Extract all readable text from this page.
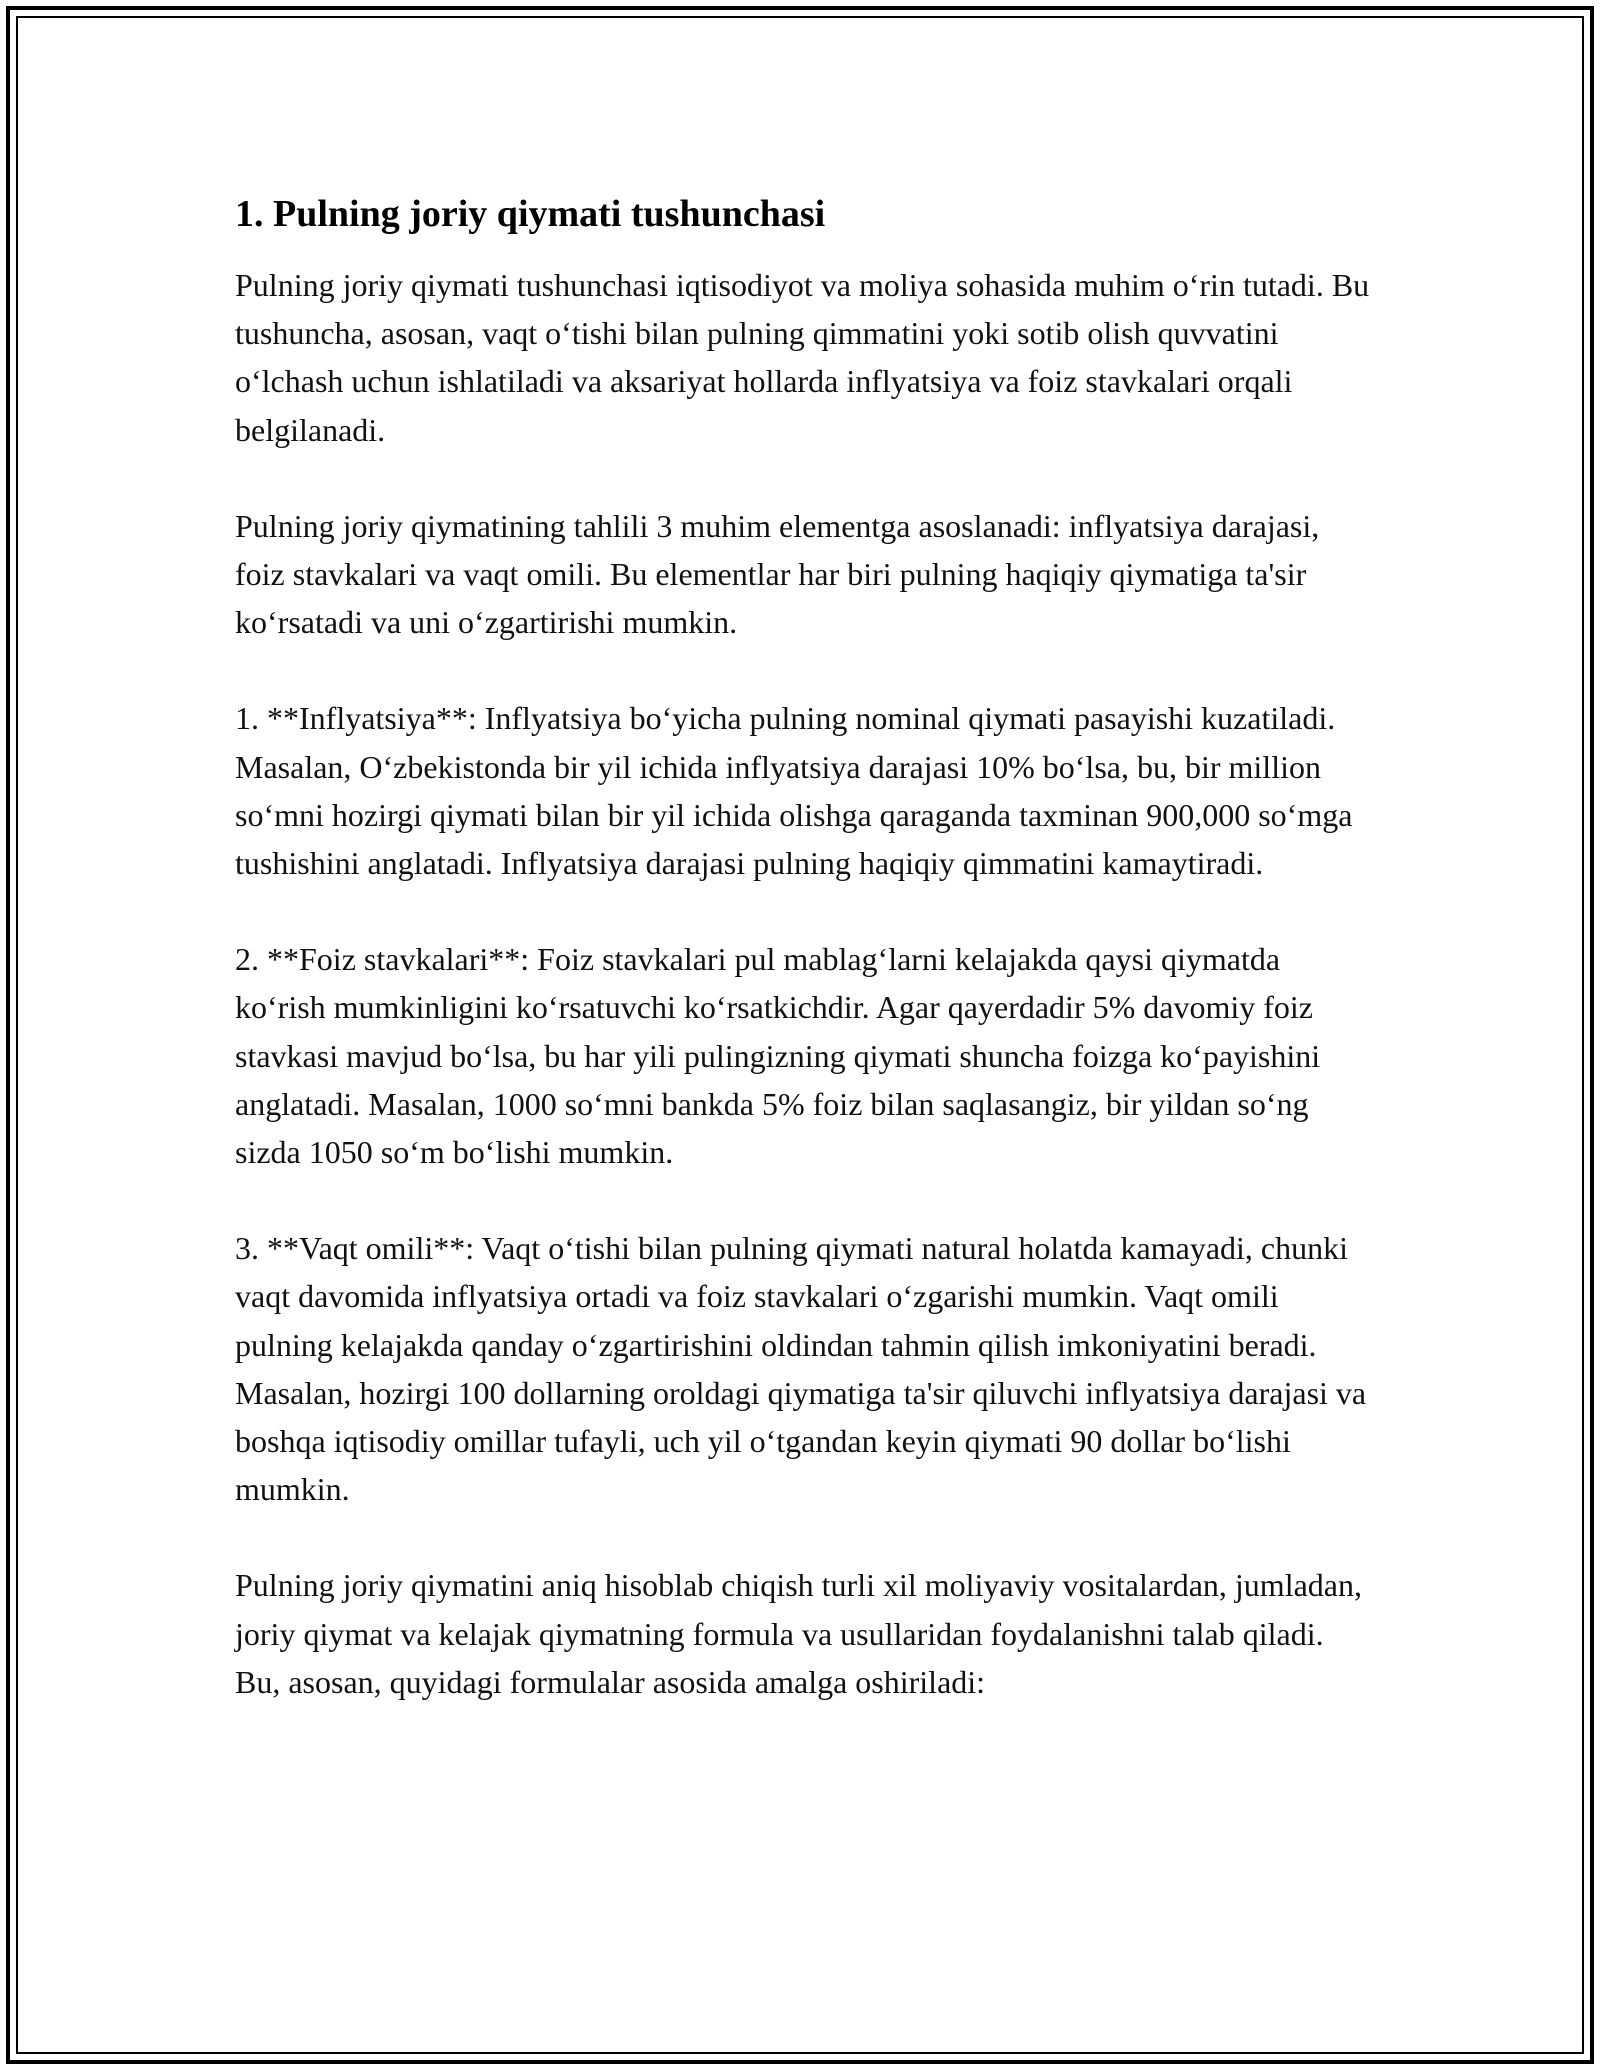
1. Pulning joriy qiymati tushunchasi

Pulning joriy qiymati tushunchasi iqtisodiyot va moliya sohasida muhim o‘rin tutadi. Bu tushuncha, asosan, vaqt o‘tishi bilan pulning qimmatini yoki sotib olish quvvatini o‘lchash uchun ishlatiladi va aksariyat hollarda inflyatsiya va foiz stavkalari orqali belgilanadi.

Pulning joriy qiymatining tahlili 3 muhim elementga asoslanadi: inflyatsiya darajasi, foiz stavkalari va vaqt omili. Bu elementlar har biri pulning haqiqiy qiymatiga ta'sir ko‘rsatadi va uni o‘zgartirishi mumkin.

1. **Inflyatsiya**: Inflyatsiya bo‘yicha pulning nominal qiymati pasayishi kuzatiladi. Masalan, O‘zbekistonda bir yil ichida inflyatsiya darajasi 10% bo‘lsa, bu, bir million so‘mni hozirgi qiymati bilan bir yil ichida olishga qaraganda taxminan 900,000 so‘mga tushishini anglatadi. Inflyatsiya darajasi pulning haqiqiy qimmatini kamaytiradi.

2. **Foiz stavkalari**: Foiz stavkalari pul mablag‘larni kelajakda qaysi qiymatda ko‘rish mumkinligini ko‘rsatuvchi ko‘rsatkichdir. Agar qayerdadir 5% davomiy foiz stavkasi mavjud bo‘lsa, bu har yili pulingizning qiymati shuncha foizga ko‘payishini anglatadi. Masalan, 1000 so‘mni bankda 5% foiz bilan saqlasangiz, bir yildan so‘ng sizda 1050 so‘m bo‘lishi mumkin.

3. **Vaqt omili**: Vaqt o‘tishi bilan pulning qiymati natural holatda kamayadi, chunki vaqt davomida inflyatsiya ortadi va foiz stavkalari o‘zgarishi mumkin. Vaqt omili pulning kelajakda qanday o‘zgartirishini oldindan tahmin qilish imkoniyatini beradi. Masalan, hozirgi 100 dollarning oroldagi qiymatiga ta'sir qiluvchi inflyatsiya darajasi va boshqa iqtisodiy omillar tufayli, uch yil o‘tgandan keyin qiymati 90 dollar bo‘lishi mumkin.

Pulning joriy qiymatini aniq hisoblab chiqish turli xil moliyaviy vositalardan, jumladan, joriy qiymat va kelajak qiymatning formula va usullaridan foydalanishni talab qiladi. Bu, asosan, quyidagi formulalar asosida amalga oshiriladi:
